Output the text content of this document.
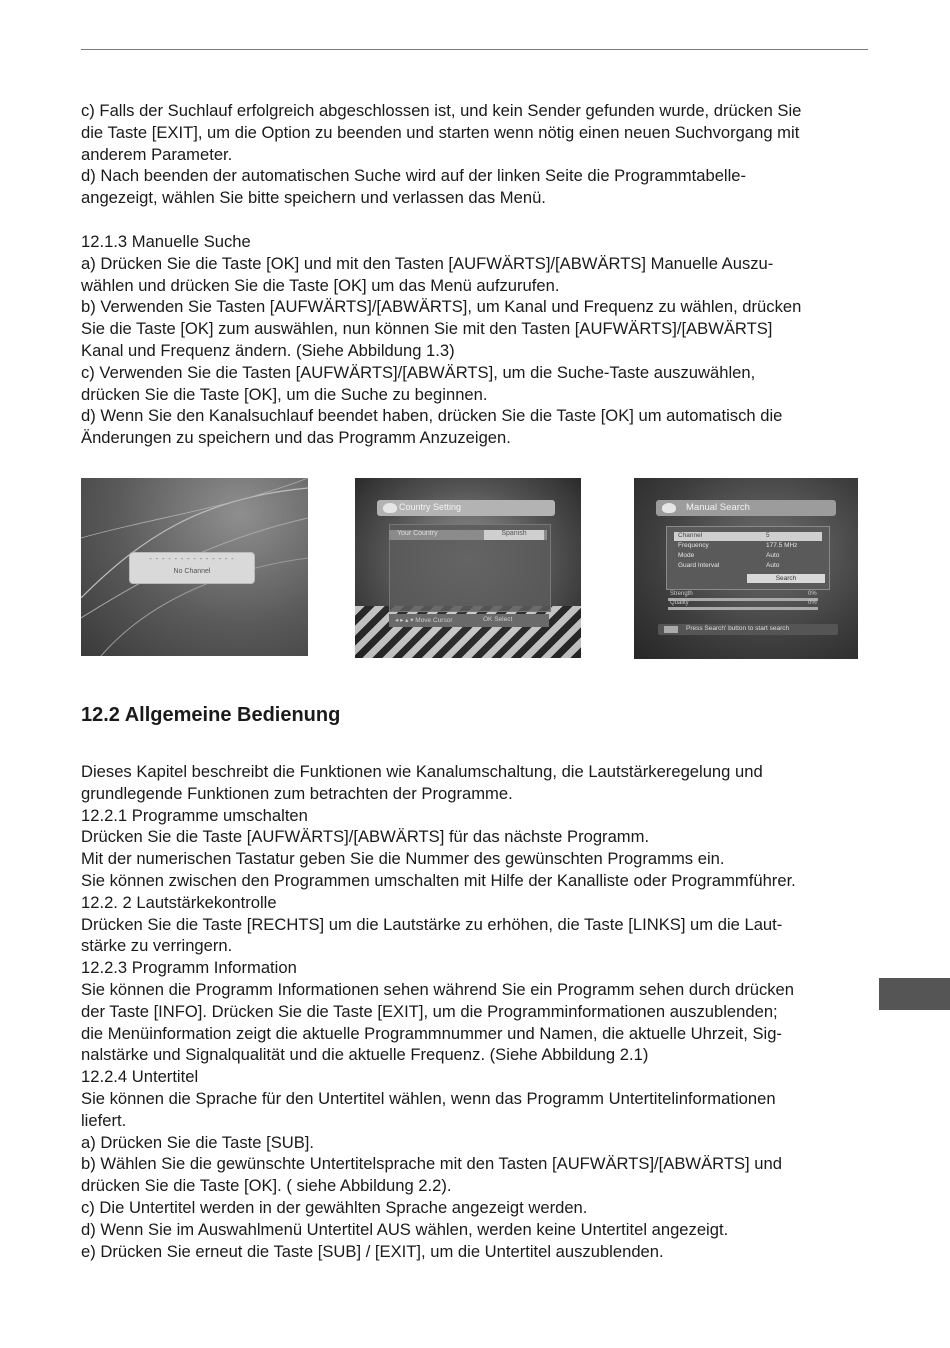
c) Falls der Suchlauf erfolgreich abgeschlossen ist, und kein Sender gefunden wurde, drücken Sie

die Taste [EXIT], um die Option zu beenden und starten wenn nötig einen neuen Suchvorgang mit

anderem Parameter.

d) Nach beenden der automatischen Suche wird auf der linken Seite die Programmtabelle-

angezeigt, wählen Sie bitte speichern und verlassen das Menü.

12.1.3 Manuelle Suche

a) Drücken Sie die Taste [OK] und mit den Tasten [AUFWÄRTS]/[ABWÄRTS] Manuelle Auszu-

wählen und drücken Sie die Taste [OK] um das Menü aufzurufen.

b) Verwenden Sie Tasten [AUFWÄRTS]/[ABWÄRTS], um Kanal und Frequenz zu wählen, drücken

Sie die Taste [OK] zum auswählen, nun können Sie mit den Tasten [AUFWÄRTS]/[ABWÄRTS]

Kanal und Frequenz ändern. (Siehe Abbildung 1.3)

c) Verwenden Sie die Tasten [AUFWÄRTS]/[ABWÄRTS], um die Suche-Taste auszuwählen,

drücken Sie die Taste [OK], um die Suche zu beginnen.

d) Wenn Sie den Kanalsuchlauf beendet haben, drücken Sie die Taste [OK] um automatisch die

Änderungen zu speichern und das Programm Anzuzeigen.

- - - - - - - - - - - - - -
No Channel
Country Setting
Your Country	Spanish
◂ ▸ ▴ ▾ Move Cursor	OK Select
Manual Search
Channel	5
Frequency	177.5 MHz
Mode	Auto
Guard Interval	Auto
Search
Strength	0%
Quality	0%
Press Search' button to start search
12.2 Allgemeine Bedienung

Dieses Kapitel beschreibt die Funktionen wie Kanalumschaltung, die Lautstärkeregelung und

grundlegende Funktionen zum betrachten der Programme.

12.2.1 Programme umschalten

Drücken Sie die Taste [AUFWÄRTS]/[ABWÄRTS] für das nächste Programm.

Mit der numerischen Tastatur geben Sie die Nummer des gewünschten Programms ein.

Sie können zwischen den Programmen umschalten mit Hilfe der Kanalliste oder Programmführer.

12.2. 2 Lautstärkekontrolle

Drücken Sie die Taste [RECHTS] um die Lautstärke zu erhöhen, die Taste [LINKS] um die Laut-

stärke zu verringern.

12.2.3 Programm Information

Sie können die Programm Informationen sehen während Sie ein Programm sehen durch drücken

der Taste [INFO]. Drücken Sie die Taste [EXIT], um die Programminformationen auszublenden;

die Menüinformation zeigt die aktuelle Programmnummer und Namen, die aktuelle Uhrzeit, Sig-

nalstärke und Signalqualität und die aktuelle Frequenz. (Siehe Abbildung 2.1)

12.2.4 Untertitel

Sie können die Sprache für den Untertitel wählen, wenn das Programm Untertitelinformationen

liefert.

a) Drücken Sie die Taste [SUB].

b) Wählen Sie die gewünschte Untertitelsprache mit den Tasten [AUFWÄRTS]/[ABWÄRTS] und

drücken Sie die Taste [OK]. ( siehe Abbildung 2.2).

c) Die Untertitel werden in der gewählten Sprache angezeigt werden.

d) Wenn Sie im Auswahlmenü Untertitel AUS wählen, werden keine Untertitel angezeigt.

e) Drücken Sie erneut die Taste [SUB] / [EXIT], um die Untertitel auszublenden.
